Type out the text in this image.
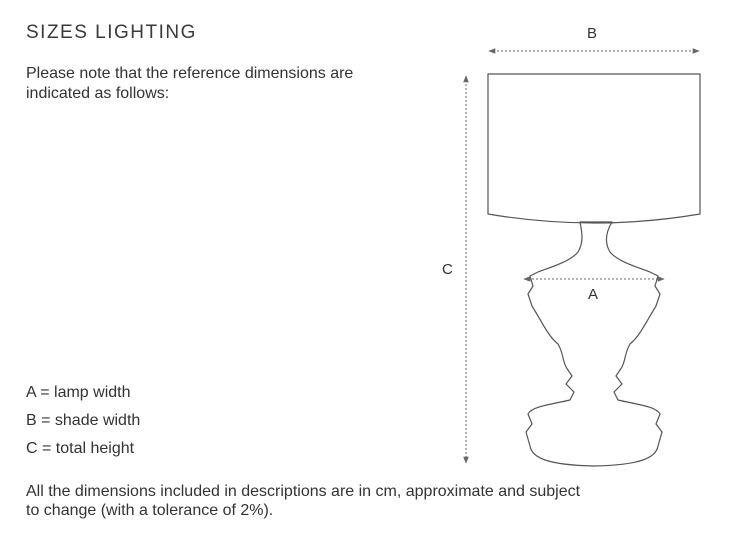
SIZES LIGHTING
Please note that the reference dimensions are indicated as follows:
C
B
A
A = lamp width
B = shade width
C = total height
All the dimensions included in descriptions are in cm, approximate and subject to change (with a tolerance of 2%).
